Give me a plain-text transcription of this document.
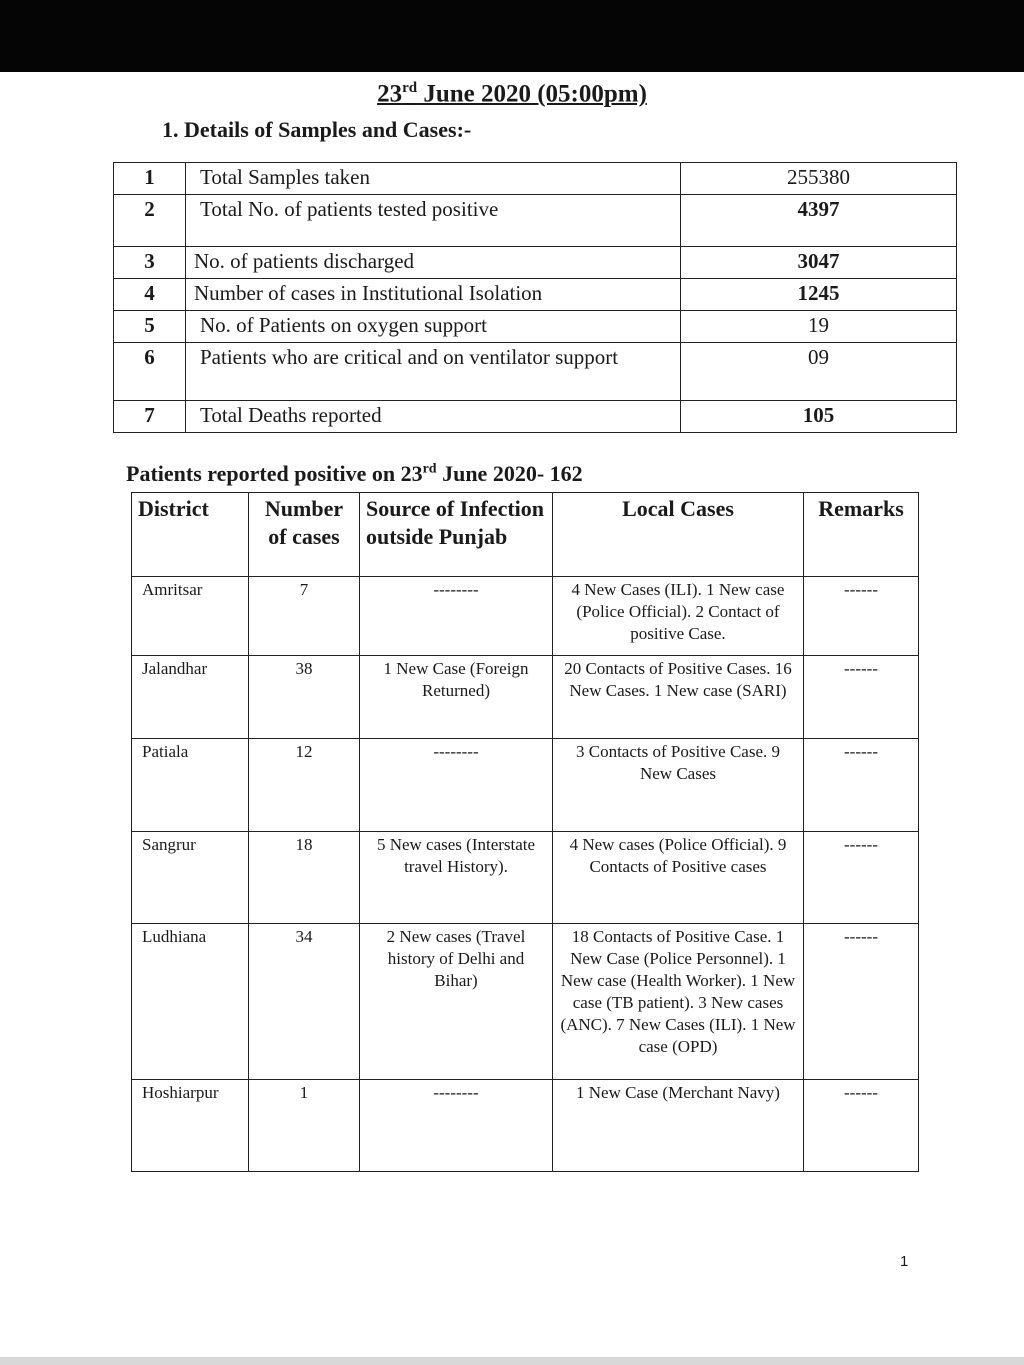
23rd June 2020 (05:00pm)
1. Details of Samples and Cases:-
1	Total Samples taken	255380
2	Total No. of patients tested positive	4397
3	No. of patients discharged	3047
4	Number of cases in Institutional Isolation	1245
5	No. of Patients on oxygen support	19
6	Patients who are critical and on ventilator support	09
7	Total Deaths reported	105
Patients reported positive on 23rd June 2020- 162
District	Number of cases	Source of Infection outside Punjab	Local Cases	Remarks
Amritsar	7	--------	4 New Cases (ILI). 1 New case (Police Official). 2 Contact of positive Case.	------
Jalandhar	38	1 New Case (Foreign Returned)	20 Contacts of Positive Cases. 16 New Cases. 1 New case (SARI)	------
Patiala	12	--------	3 Contacts of Positive Case. 9 New Cases	------
Sangrur	18	5 New cases (Interstate travel History).	4 New cases (Police Official). 9 Contacts of Positive cases	------
Ludhiana	34	2 New cases (Travel history of Delhi and Bihar)	18 Contacts of Positive Case. 1 New Case (Police Personnel). 1 New case (Health Worker). 1 New case (TB patient). 3 New cases (ANC). 7 New Cases (ILI). 1 New case (OPD)	------
Hoshiarpur	1	--------	1 New Case (Merchant Navy)	------
1
